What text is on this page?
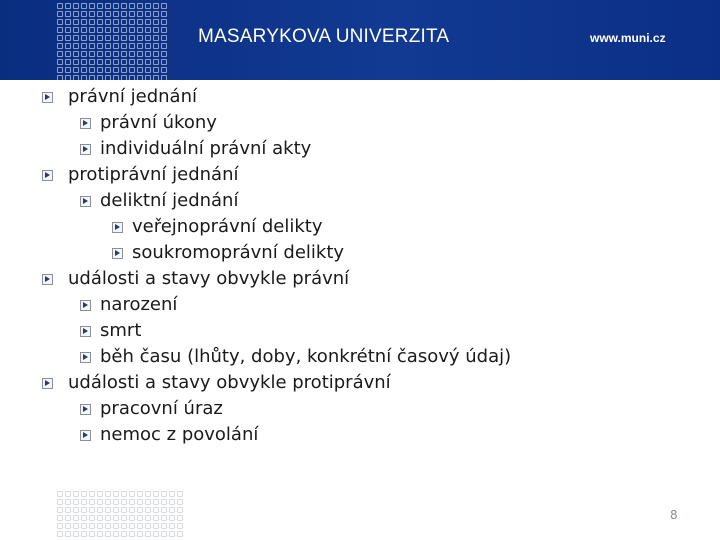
MASARYKOVA UNIVERZITA	www.muni.cz
právní jednání
právní úkony
individuální právní akty
protiprávní jednání
deliktní jednání
veřejnoprávní delikty
soukromoprávní delikty
události a stavy obvykle právní
narození
smrt
běh času (lhůty, doby, konkrétní časový údaj)
události a stavy obvykle protiprávní
pracovní úraz
nemoc z povolání
8
